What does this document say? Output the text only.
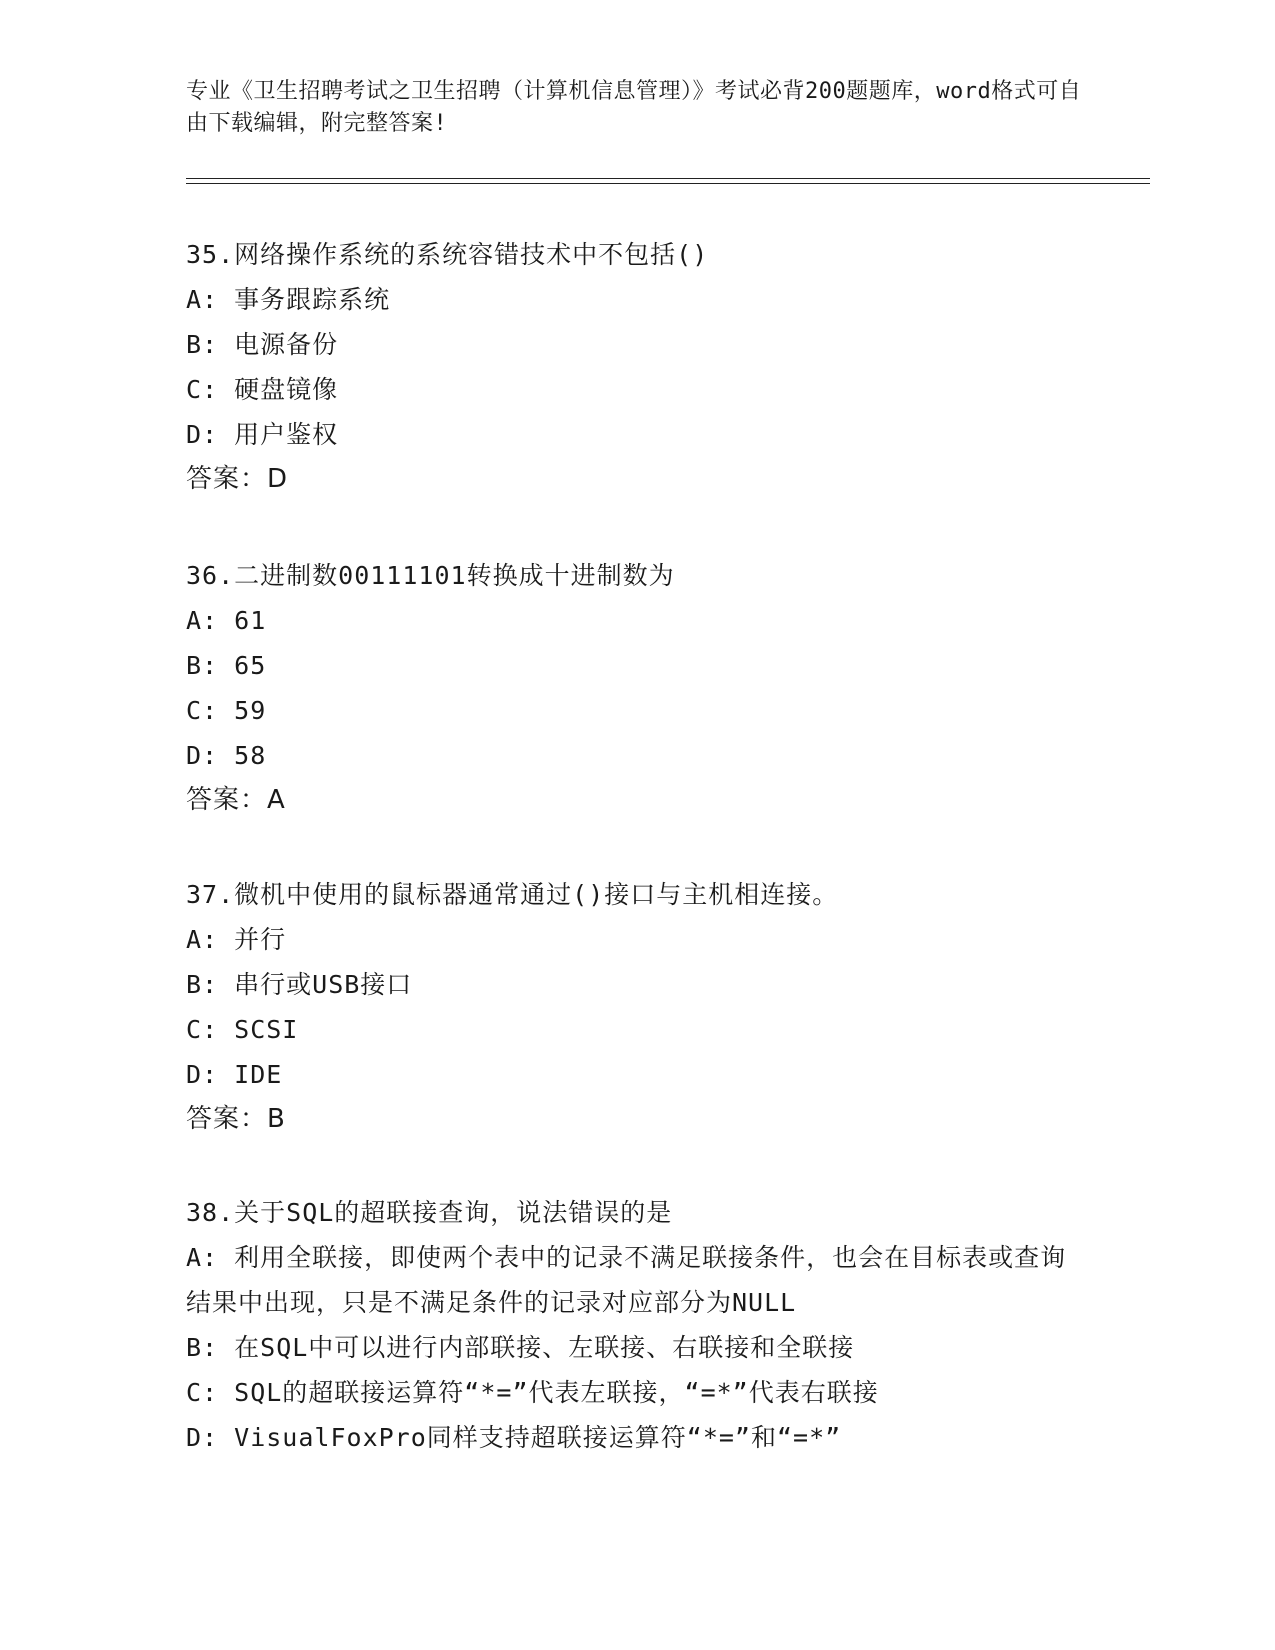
专业《卫生招聘考试之卫生招聘（计算机信息管理）》考试必背200题题库，word格式可自由下载编辑，附完整答案!
35.网络操作系统的系统容错技术中不包括()
A: 事务跟踪系统
B: 电源备份
C: 硬盘镜像
D: 用户鉴权
答案：D
36.二进制数00111101转换成十进制数为
A: 61
B: 65
C: 59
D: 58
答案：A
37.微机中使用的鼠标器通常通过()接口与主机相连接。
A: 并行
B: 串行或USB接口
C: SCSI
D: IDE
答案：B
38.关于SQL的超联接查询，说法错误的是
A: 利用全联接，即使两个表中的记录不满足联接条件，也会在目标表或查询结果中出现，只是不满足条件的记录对应部分为NULL
B: 在SQL中可以进行内部联接、左联接、右联接和全联接
C: SQL的超联接运算符“*=”代表左联接，“=*”代表右联接
D: VisualFoxPro同样支持超联接运算符“*=”和“=*”
